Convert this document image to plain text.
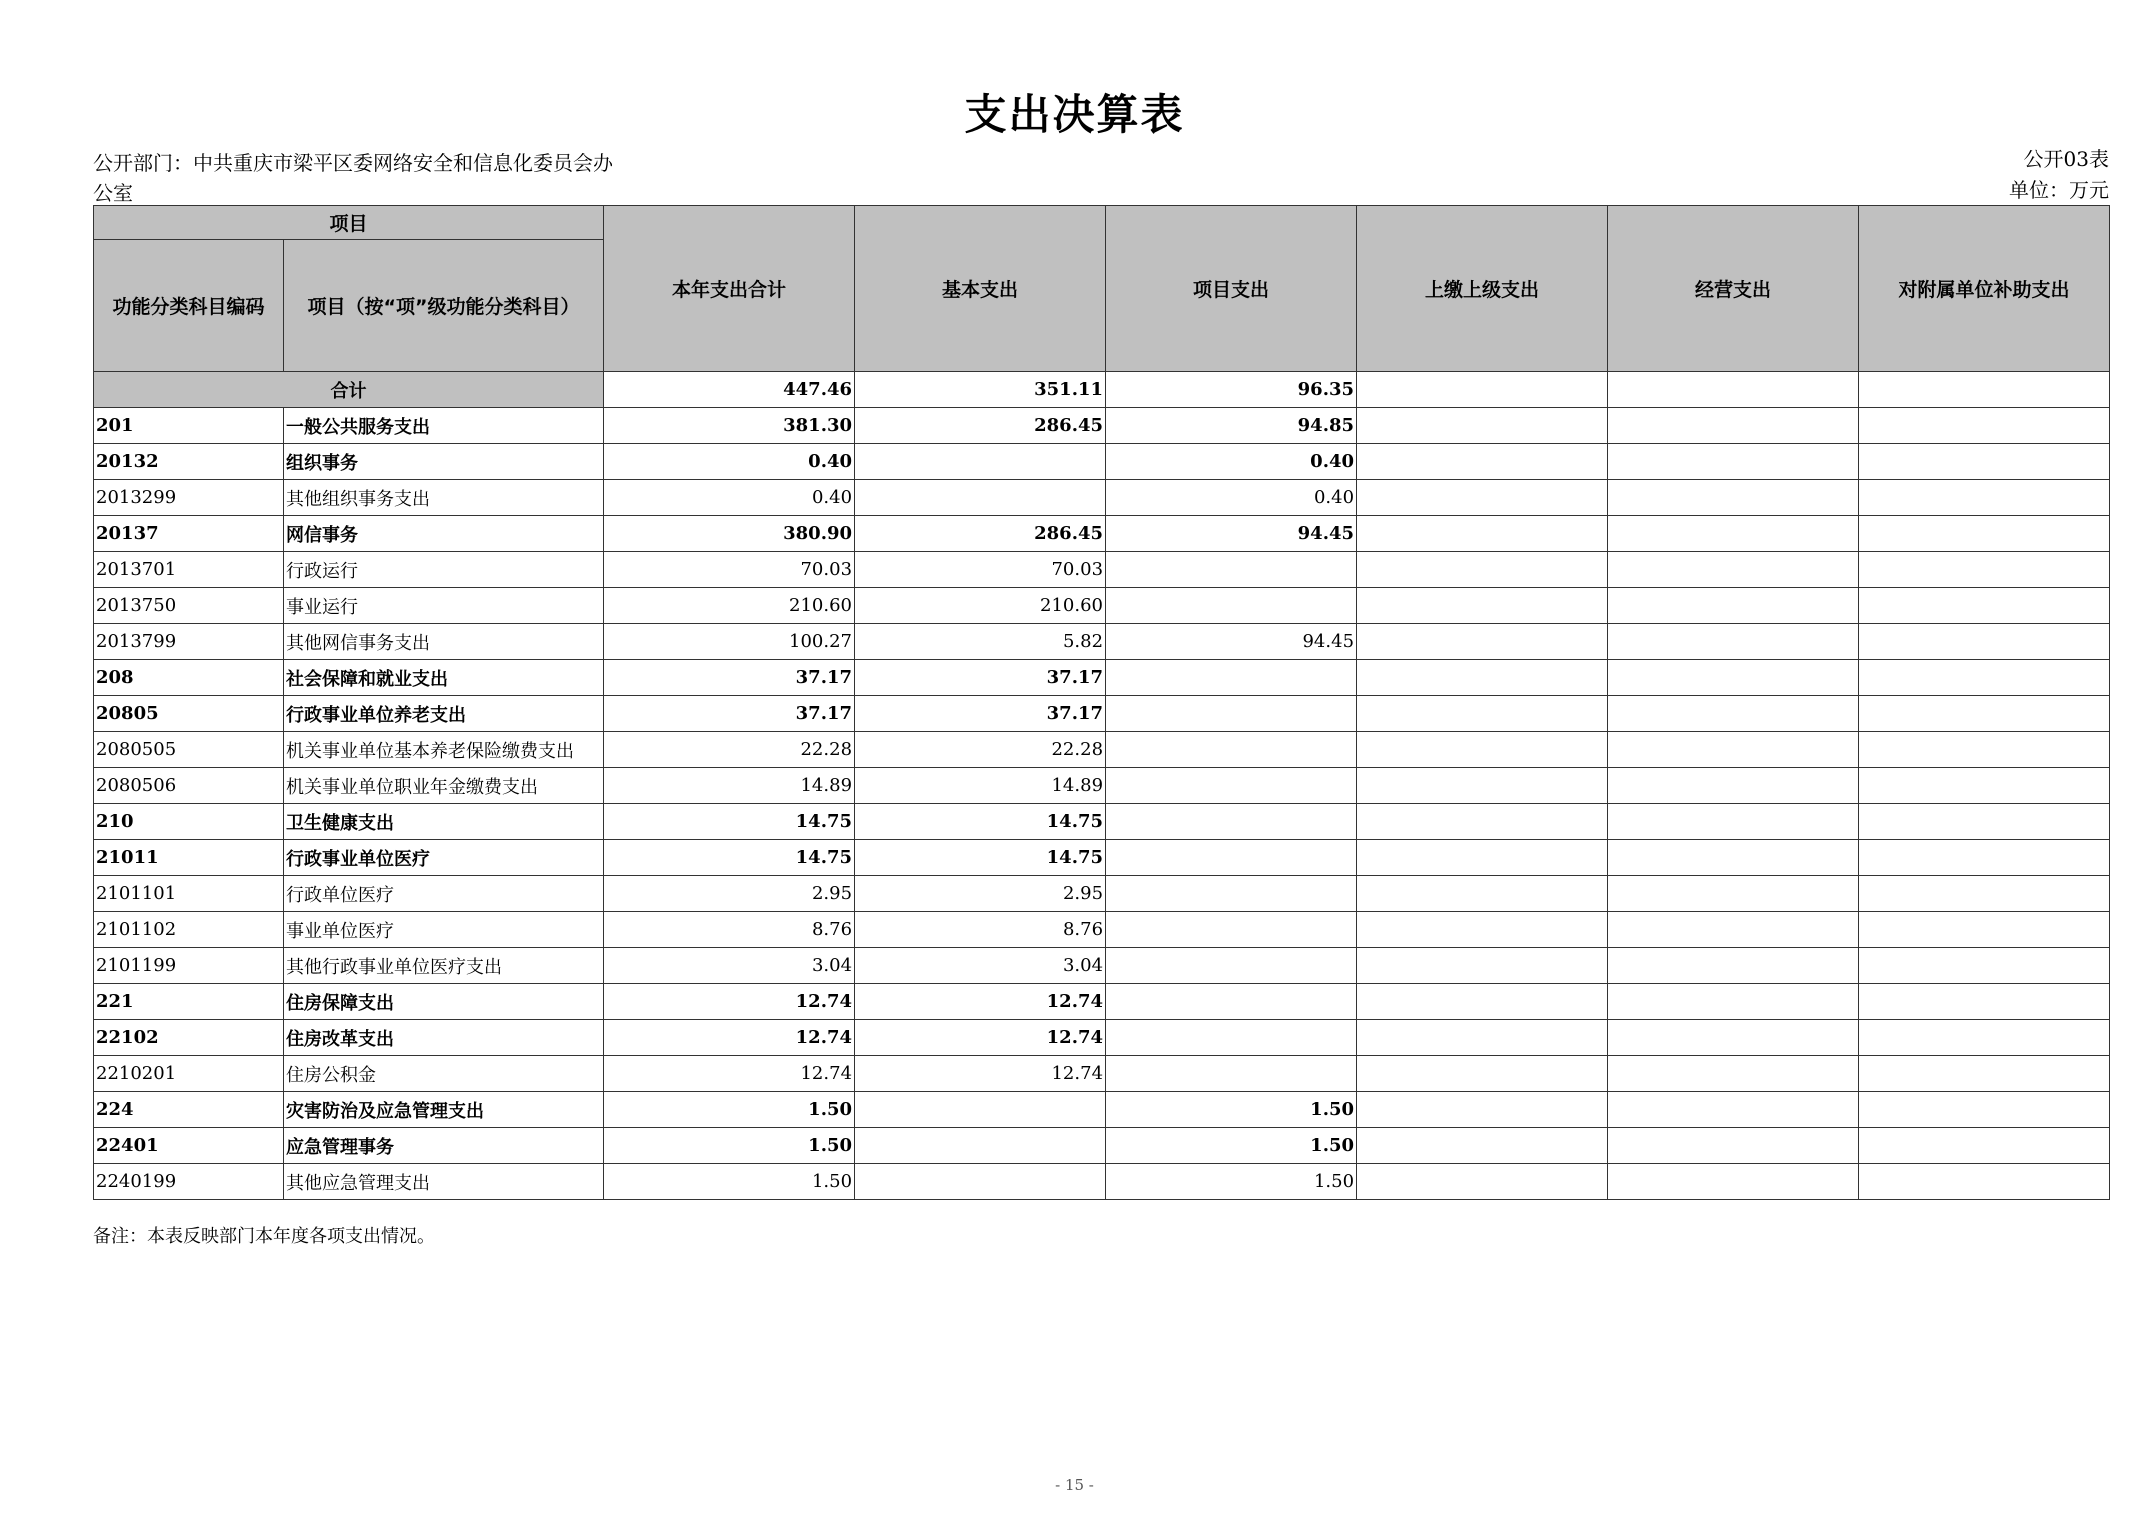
支出决算表
公开部门：中共重庆市梁平区委网络安全和信息化委员会办公室
公开03表
单位：万元
项目		本年支出合计	基本支出	项目支出	上缴上级支出	经营支出	对附属单位补助支出
功能分类科目编码	项目（按“项”级功能分类科目）						
合计		447.46	351.11	96.35			
201	一般公共服务支出	381.30	286.45	94.85			
20132	组织事务	0.40		0.40			
2013299	其他组织事务支出	0.40		0.40			
20137	网信事务	380.90	286.45	94.45			
2013701	行政运行	70.03	70.03				
2013750	事业运行	210.60	210.60				
2013799	其他网信事务支出	100.27	5.82	94.45			
208	社会保障和就业支出	37.17	37.17				
20805	行政事业单位养老支出	37.17	37.17				
2080505	机关事业单位基本养老保险缴费支出	22.28	22.28				
2080506	机关事业单位职业年金缴费支出	14.89	14.89				
210	卫生健康支出	14.75	14.75				
21011	行政事业单位医疗	14.75	14.75				
2101101	行政单位医疗	2.95	2.95				
2101102	事业单位医疗	8.76	8.76				
2101199	其他行政事业单位医疗支出	3.04	3.04				
221	住房保障支出	12.74	12.74				
22102	住房改革支出	12.74	12.74				
2210201	住房公积金	12.74	12.74				
224	灾害防治及应急管理支出	1.50		1.50			
22401	应急管理事务	1.50		1.50			
2240199	其他应急管理支出	1.50		1.50			
备注：本表反映部门本年度各项支出情况。
- 15 -
